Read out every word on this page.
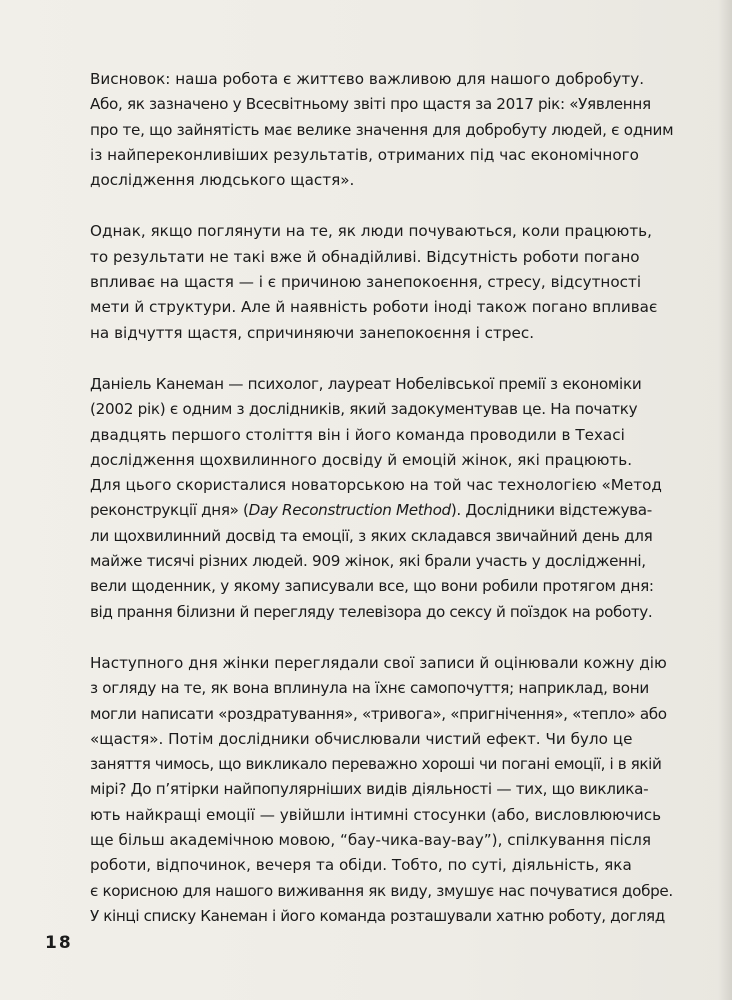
Висновок: наша робота є життєво важливою для нашого добробуту.
Або, як зазначено у Всесвітньому звіті про щастя за 2017 рік: «Уявлення
про те, що зайнятість має велике значення для добробуту людей, є одним
із найпереконливіших результатів, отриманих під час економічного
дослідження людського щастя».

Однак, якщо поглянути на те, як люди почуваються, коли працюють,
то результати не такі вже й обнадійливі. Відсутність роботи погано
впливає на щастя — і є причиною занепокоєння, стресу, відсутності
мети й структури. Але й наявність роботи іноді також погано впливає
на відчуття щастя, спричиняючи занепокоєння і стрес.

Даніель Канеман — психолог, лауреат Нобелівської премії з економіки
(2002 рік) є одним з дослідників, який задокументував це. На початку
двадцять першого століття він і його команда проводили в Техасі
дослідження щохвилинного досвіду й емоцій жінок, які працюють.
Для цього скористалися новаторською на той час технологією «Метод
реконструкції дня» (Day Reconstruction Method). Дослідники відстежува-
ли щохвилинний досвід та емоції, з яких складався звичайний день для
майже тисячі різних людей. 909 жінок, які брали участь у дослідженні,
вели щоденник, у якому записували все, що вони робили протягом дня:
від прання білизни й перегляду телевізора до сексу й поїздок на роботу.

Наступного дня жінки переглядали свої записи й оцінювали кожну дію
з огляду на те, як вона вплинула на їхнє самопочуття; наприклад, вони
могли написати «роздратування», «тривога», «пригнічення», «тепло» або
«щастя». Потім дослідники обчислювали чистий ефект. Чи було це
заняття чимось, що викликало переважно хороші чи погані емоції, і в якій
мірі? До п’ятірки найпопулярніших видів діяльності — тих, що виклика-
ють найкращі емоції — увійшли інтимні стосунки (або, висловлюючись
ще більш академічною мовою, “бау-чика-вау-вау”), спілкування після
роботи, відпочинок, вечеря та обіди. Тобто, по суті, діяльність, яка
є корисною для нашого виживання як виду, змушує нас почуватися добре.
У кінці списку Канеман і його команда розташували хатню роботу, догляд

18
